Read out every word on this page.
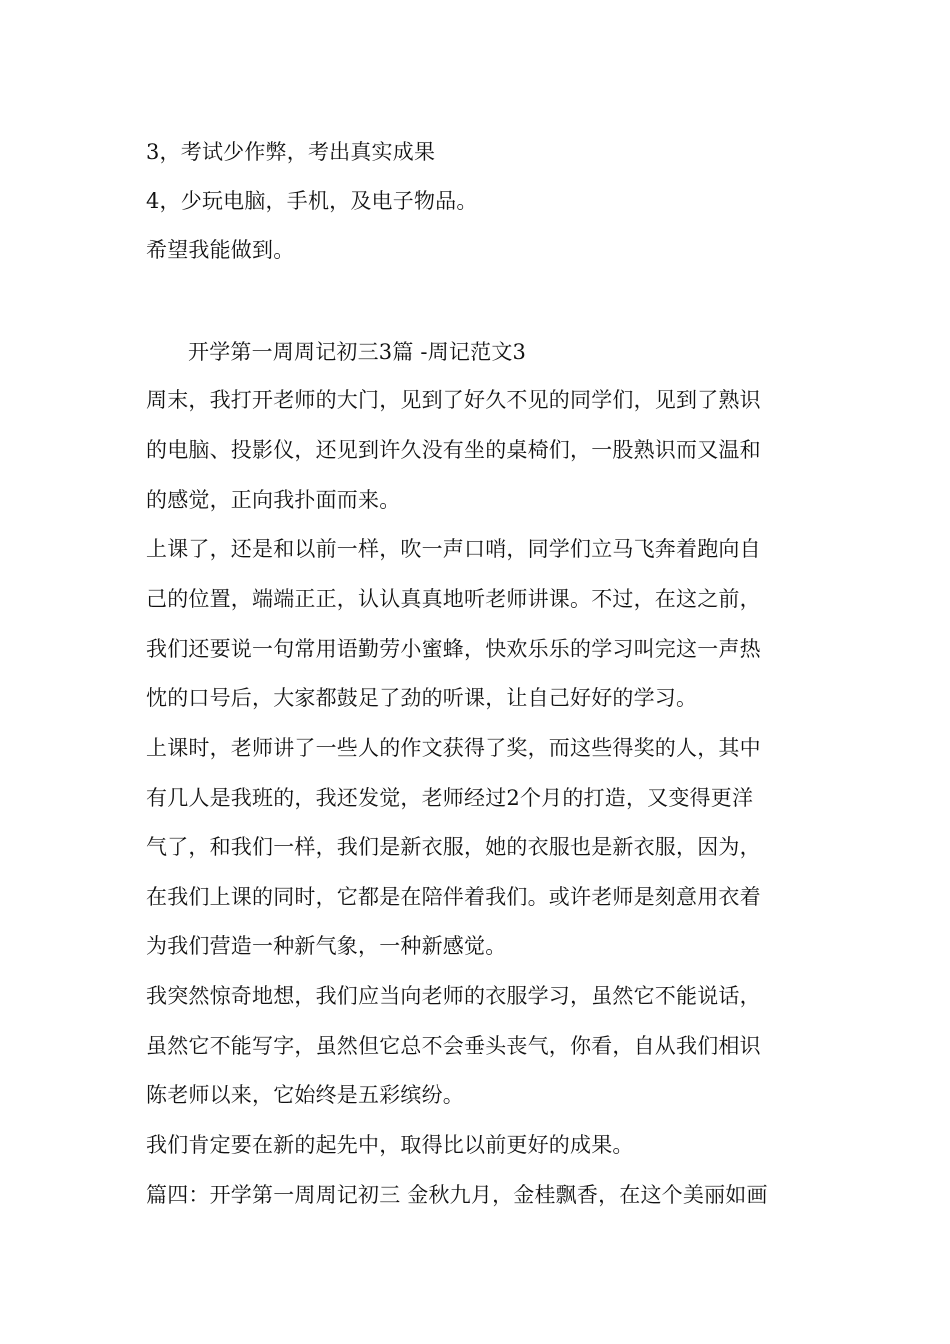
3，考试少作弊，考出真实成果
4，少玩电脑，手机，及电子物品。
希望我能做到。
开学第一周周记初三3篇 -周记范文3
周末，我打开老师的大门，见到了好久不见的同学们，见到了熟识
的电脑、投影仪，还见到许久没有坐的桌椅们，一股熟识而又温和
的感觉，正向我扑面而来。
上课了，还是和以前一样，吹一声口哨，同学们立马飞奔着跑向自
己的位置，端端正正，认认真真地听老师讲课。不过，在这之前，
我们还要说一句常用语勤劳小蜜蜂，快欢乐乐的学习叫完这一声热
忱的口号后，大家都鼓足了劲的听课，让自己好好的学习。
上课时，老师讲了一些人的作文获得了奖，而这些得奖的人，其中
有几人是我班的，我还发觉，老师经过2个月的打造，又变得更洋
气了，和我们一样，我们是新衣服，她的衣服也是新衣服，因为，
在我们上课的同时，它都是在陪伴着我们。或许老师是刻意用衣着
为我们营造一种新气象，一种新感觉。
我突然惊奇地想，我们应当向老师的衣服学习，虽然它不能说话，
虽然它不能写字，虽然但它总不会垂头丧气，你看，自从我们相识
陈老师以来，它始终是五彩缤纷。
我们肯定要在新的起先中，取得比以前更好的成果。
篇四：开学第一周周记初三 金秋九月，金桂飘香，在这个美丽如画
